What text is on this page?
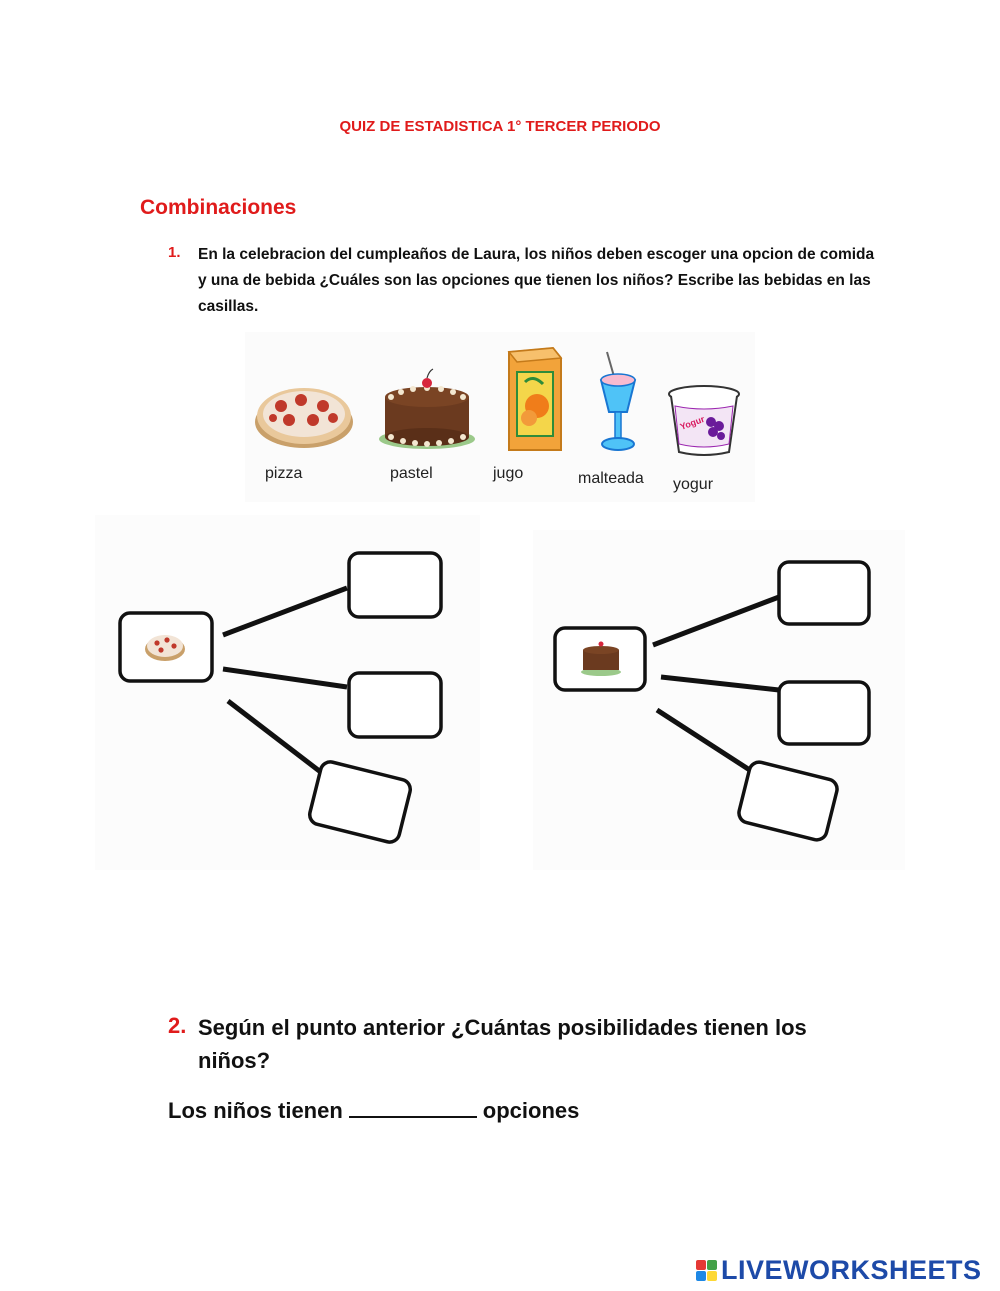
QUIZ DE ESTADISTICA 1° TERCER PERIODO
Combinaciones
1. En la celebracion del cumpleaños de Laura, los niños deben escoger una opcion de comida y una de bebida ¿Cuáles son las opciones que tienen los niños? Escribe las bebidas en las casillas.
pizza	pastel	jugo	malteada
Yogur
yogur
2. Según el punto anterior ¿Cuántas posibilidades tienen los niños?
Los niños tienen	opciones
LIVEWORKSHEETS
